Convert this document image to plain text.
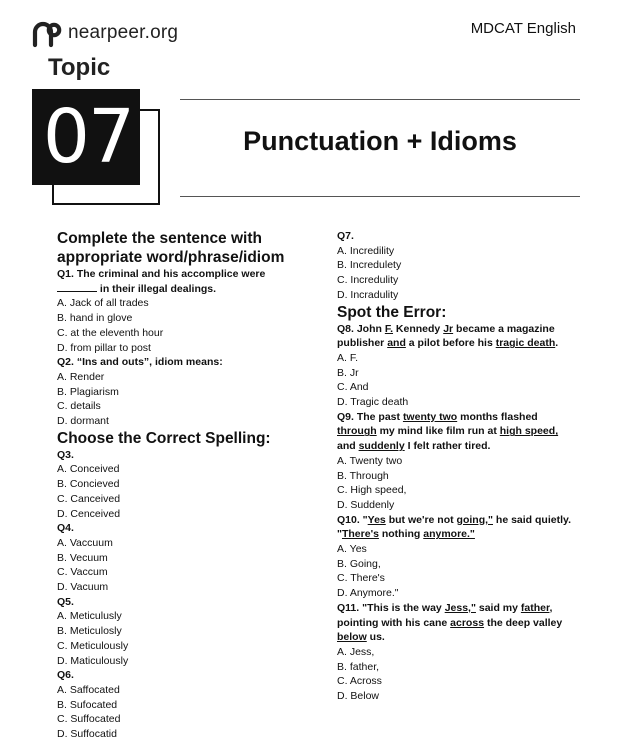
nearpeer.org	MDCAT English
Topic
07	Punctuation + Idioms
Complete the sentence with
appropriate word/phrase/idiom
Q1. The criminal and his accomplice were
in their illegal dealings.
A. Jack of all trades
B. hand in glove
C. at the eleventh hour
D. from pillar to post
Q2. “Ins and outs”, idiom means:
A. Render
B. Plagiarism
C. details
D. dormant
Choose the Correct Spelling:
Q3.
A. Conceived
B. Concieved
C. Canceived
D. Cenceived
Q4.
A. Vaccuum
B. Vecuum
C. Vaccum
D. Vacuum
Q5.
A. Meticulusly
B. Meticulosly
C. Meticulously
D. Maticulously
Q6.
A. Saffocated
B. Sufocated
C. Suffocated
D. Suffocatid
Q7.
A. Incredility
B. Incredulety
C. Incredulity
D. Incradulity
Spot the Error:
Q8. John F. Kennedy Jr became a magazine
publisher and a pilot before his tragic death.
A. F.
B. Jr
C. And
D. Tragic death
Q9. The past twenty two months flashed
through my mind like film run at high speed,
and suddenly I felt rather tired.
A. Twenty two
B. Through
C. High speed,
D. Suddenly
Q10. "Yes but we're not going," he said quietly.
"There's nothing anymore."
A. Yes
B. Going,
C. There's
D. Anymore."
Q11. "This is the way Jess," said my father,
pointing with his cane across the deep valley
below us.
A. Jess,
B. father,
C. Across
D. Below
